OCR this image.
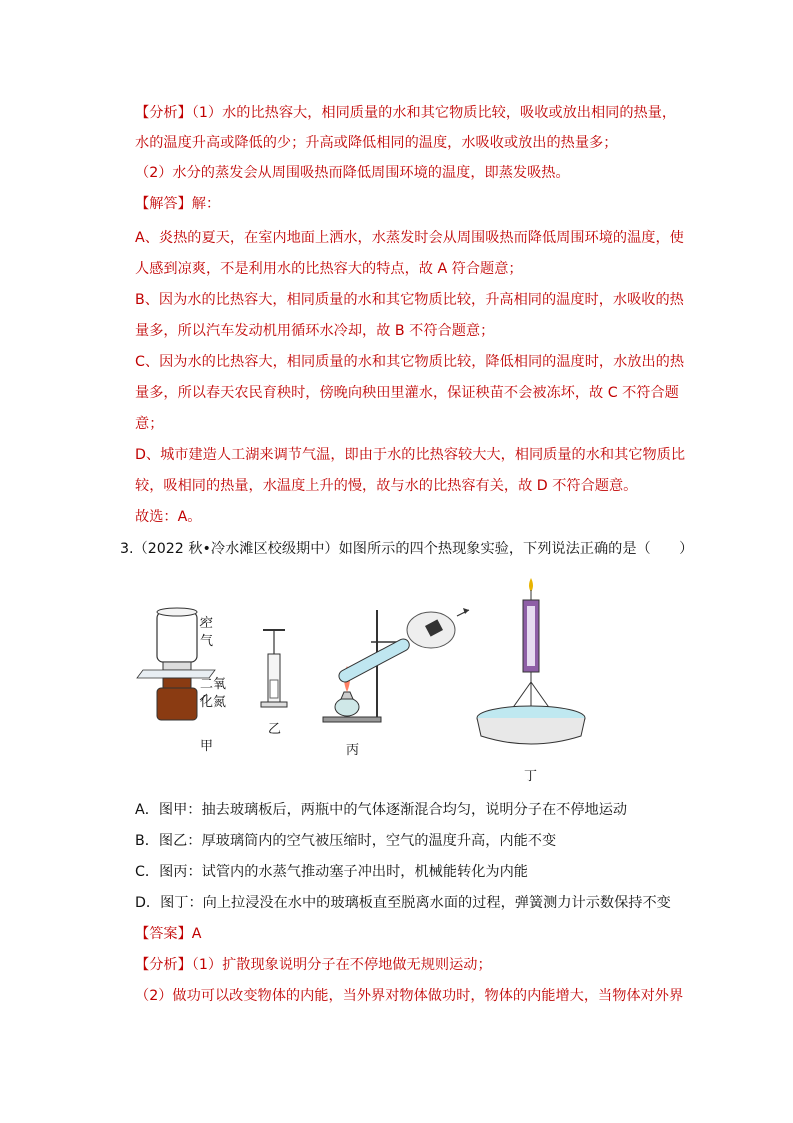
【分析】（1）水的比热容大，相同质量的水和其它物质比较，吸收或放出相同的热量，
水的温度升高或降低的少；升高或降低相同的温度，水吸收或放出的热量多；
（2）水分的蒸发会从周围吸热而降低周围环境的温度，即蒸发吸热。
【解答】解：
A、炎热的夏天，在室内地面上洒水，水蒸发时会从周围吸热而降低周围环境的温度，使
人感到凉爽，不是利用水的比热容大的特点，故 A 符合题意；
B、因为水的比热容大，相同质量的水和其它物质比较，升高相同的温度时，水吸收的热
量多，所以汽车发动机用循环水冷却，故 B 不符合题意；
C、因为水的比热容大，相同质量的水和其它物质比较，降低相同的温度时，水放出的热
量多，所以春天农民育秧时，傍晚向秧田里灌水，保证秧苗不会被冻坏，故 C 不符合题
意；
D、城市建造人工湖来调节气温，即由于水的比热容较大大，相同质量的水和其它物质比
较，吸相同的热量，水温度上升的慢，故与水的比热容有关，故 D 不符合题意。
故选：A。
3.（2022 秋•冷水滩区校级期中）如图所示的四个热现象实验，下列说法正确的是（　　）
空
气
二氧化氮
甲
乙
丙
丁
A．图甲：抽去玻璃板后，两瓶中的气体逐渐混合均匀，说明分子在不停地运动
B．图乙：厚玻璃筒内的空气被压缩时，空气的温度升高，内能不变
C．图丙：试管内的水蒸气推动塞子冲出时，机械能转化为内能
D．图丁：向上拉浸没在水中的玻璃板直至脱离水面的过程，弹簧测力计示数保持不变
【答案】A
【分析】（1）扩散现象说明分子在不停地做无规则运动；
（2）做功可以改变物体的内能，当外界对物体做功时，物体的内能增大，当物体对外界
